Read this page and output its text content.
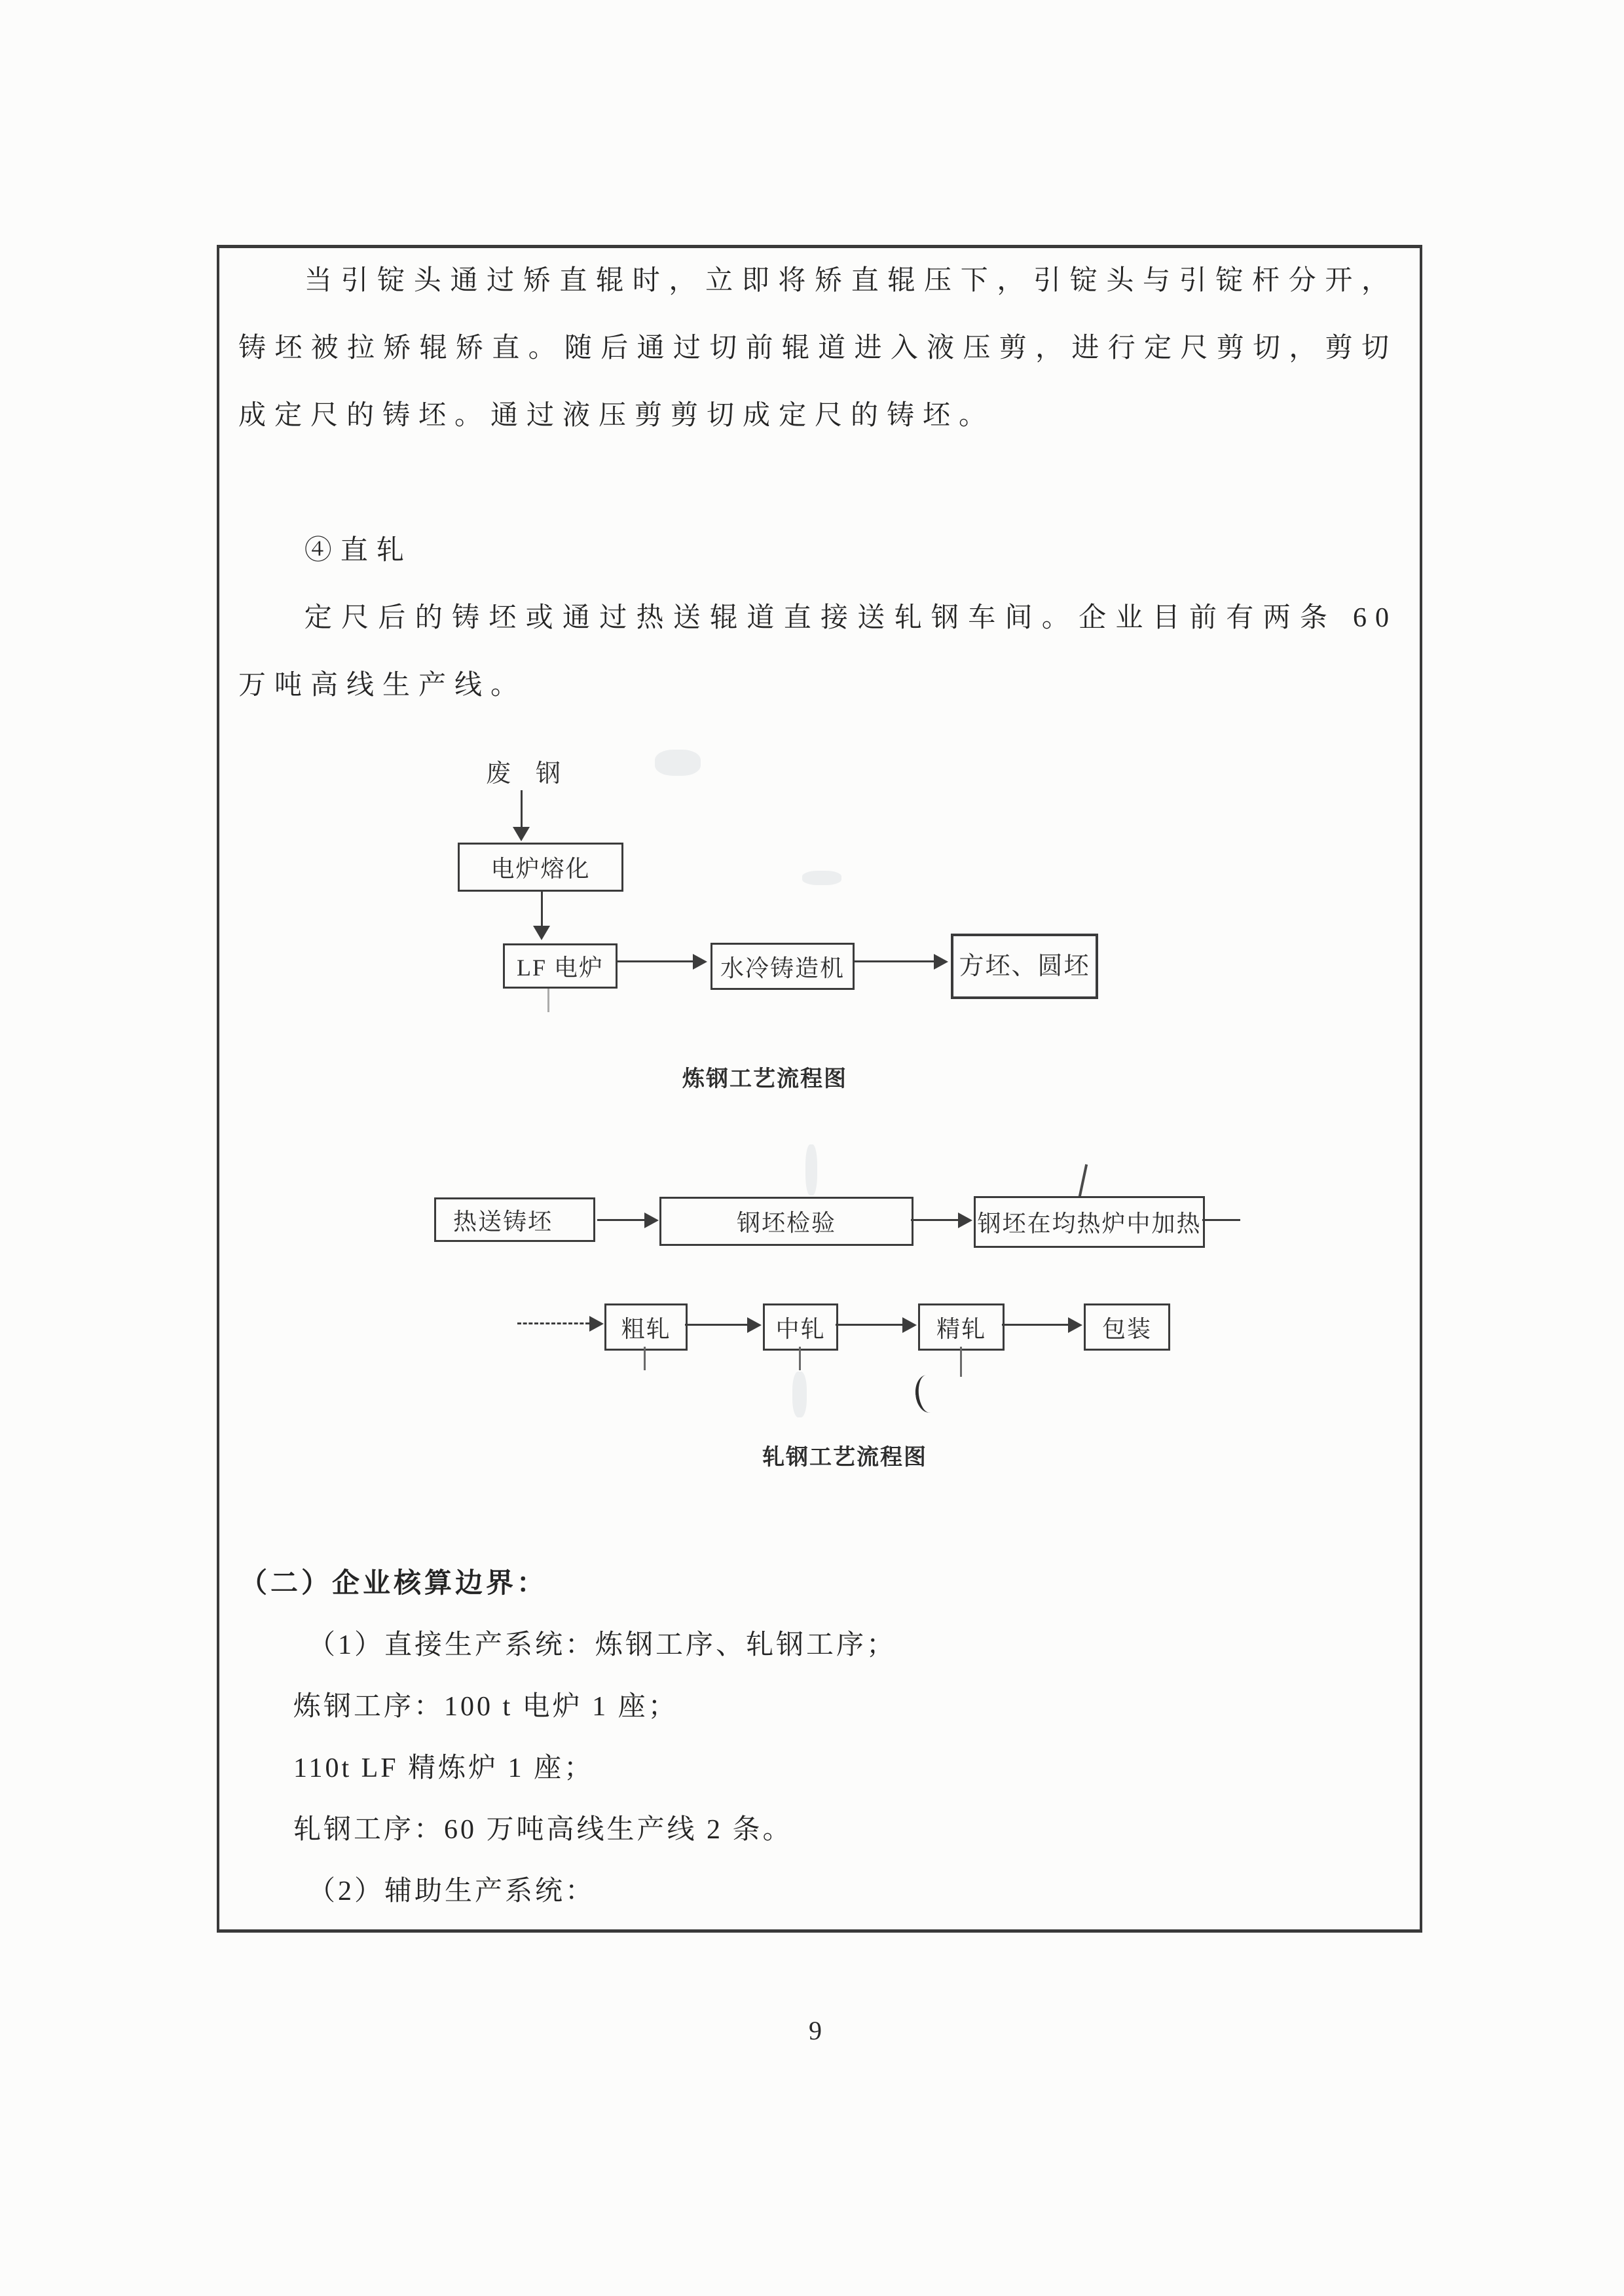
当引锭头通过矫直辊时，立即将矫直辊压下，引锭头与引锭杆分开，铸坯被拉矫辊矫直。随后通过切前辊道进入液压剪，进行定尺剪切，剪切成定尺的铸坯。通过液压剪剪切成定尺的铸坯。

④直轧

定尺后的铸坯或通过热送辊道直接送轧钢车间。企业目前有两条 60 万吨高线生产线。

废　钢
电炉熔化
LF 电炉	水冷铸造机	方坯、圆坯
炼钢工艺流程图
热送铸坯	钢坯检验	钢坯在均热炉中加热
粗轧	中轧	精轧	包装
轧钢工艺流程图
（二）企业核算边界：
（1）直接生产系统：炼钢工序、轧钢工序；
炼钢工序：100 t 电炉 1 座；
110t LF 精炼炉 1 座；
轧钢工序：60 万吨高线生产线 2 条。
（2）辅助生产系统：
9
